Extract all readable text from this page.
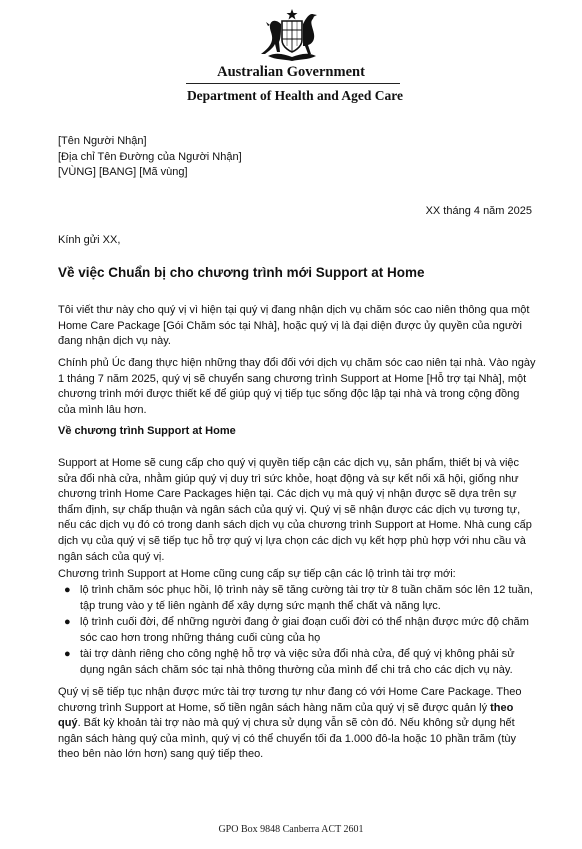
Australian Government
Department of Health and Aged Care
[Tên Người Nhận]
[Địa chỉ Tên Đường của Người Nhận]
[VÙNG] [BANG] [Mã vùng]
XX tháng 4 năm 2025
Kính gửi XX,
Về việc Chuẩn bị cho chương trình mới Support at Home

Tôi viết thư này cho quý vị vì hiện tại quý vị đang nhận dịch vụ chăm sóc cao niên thông qua một Home Care Package [Gói Chăm sóc tại Nhà], hoặc quý vị là đại diện được ủy quyền của người đang nhận dịch vụ này.

Chính phủ Úc đang thực hiện những thay đổi đối với dịch vụ chăm sóc cao niên tại nhà. Vào ngày 1 tháng 7 năm 2025, quý vị sẽ chuyển sang chương trình Support at Home [Hỗ trợ tại Nhà], một chương trình mới được thiết kế để giúp quý vị tiếp tục sống độc lập tại nhà và trong cộng đồng của mình lâu hơn.

Về chương trình Support at Home

Support at Home sẽ cung cấp cho quý vị quyền tiếp cận các dịch vụ, sản phẩm, thiết bị và việc sửa đổi nhà cửa, nhằm giúp quý vị duy trì sức khỏe, hoạt động và sự kết nối xã hội, giống như chương trình Home Care Packages hiện tại. Các dịch vụ mà quý vị nhận được sẽ dựa trên sự thẩm định, sự chấp thuận và ngân sách của quý vị. Quý vị sẽ nhận được các dịch vụ tương tự, nếu các dịch vụ đó có trong danh sách dịch vụ của chương trình Support at Home. Nhà cung cấp dịch vụ của quý vị sẽ tiếp tục hỗ trợ quý vị lựa chọn các dịch vụ kết hợp phù hợp với nhu cầu và ngân sách của quý vị.

Chương trình Support at Home cũng cung cấp sự tiếp cận các lộ trình tài trợ mới:

● lộ trình chăm sóc phục hồi, lộ trình này sẽ tăng cường tài trợ từ 8 tuần chăm sóc lên 12 tuần, tập trung vào y tế liên ngành để xây dựng sức mạnh thể chất và năng lực.
● lộ trình cuối đời, để những người đang ở giai đoạn cuối đời có thể nhận được mức độ chăm sóc cao hơn trong những tháng cuối cùng của họ
● tài trợ dành riêng cho công nghệ hỗ trợ và việc sửa đổi nhà cửa, để quý vị không phải sử dụng ngân sách chăm sóc tại nhà thông thường của mình để chi trả cho các dịch vụ này.

Quý vị sẽ tiếp tục nhận được mức tài trợ tương tự như đang có với Home Care Package. Theo chương trình Support at Home, số tiền ngân sách hàng năm của quý vị sẽ được quản lý theo quý. Bất kỳ khoản tài trợ nào mà quý vị chưa sử dụng vẫn sẽ còn đó. Nếu không sử dụng hết ngân sách hàng quý của mình, quý vị có thể chuyển tối đa 1.000 đô-la hoặc 10 phần trăm (tùy theo bên nào lớn hơn) sang quý tiếp theo.

GPO Box 9848 Canberra ACT 2601
